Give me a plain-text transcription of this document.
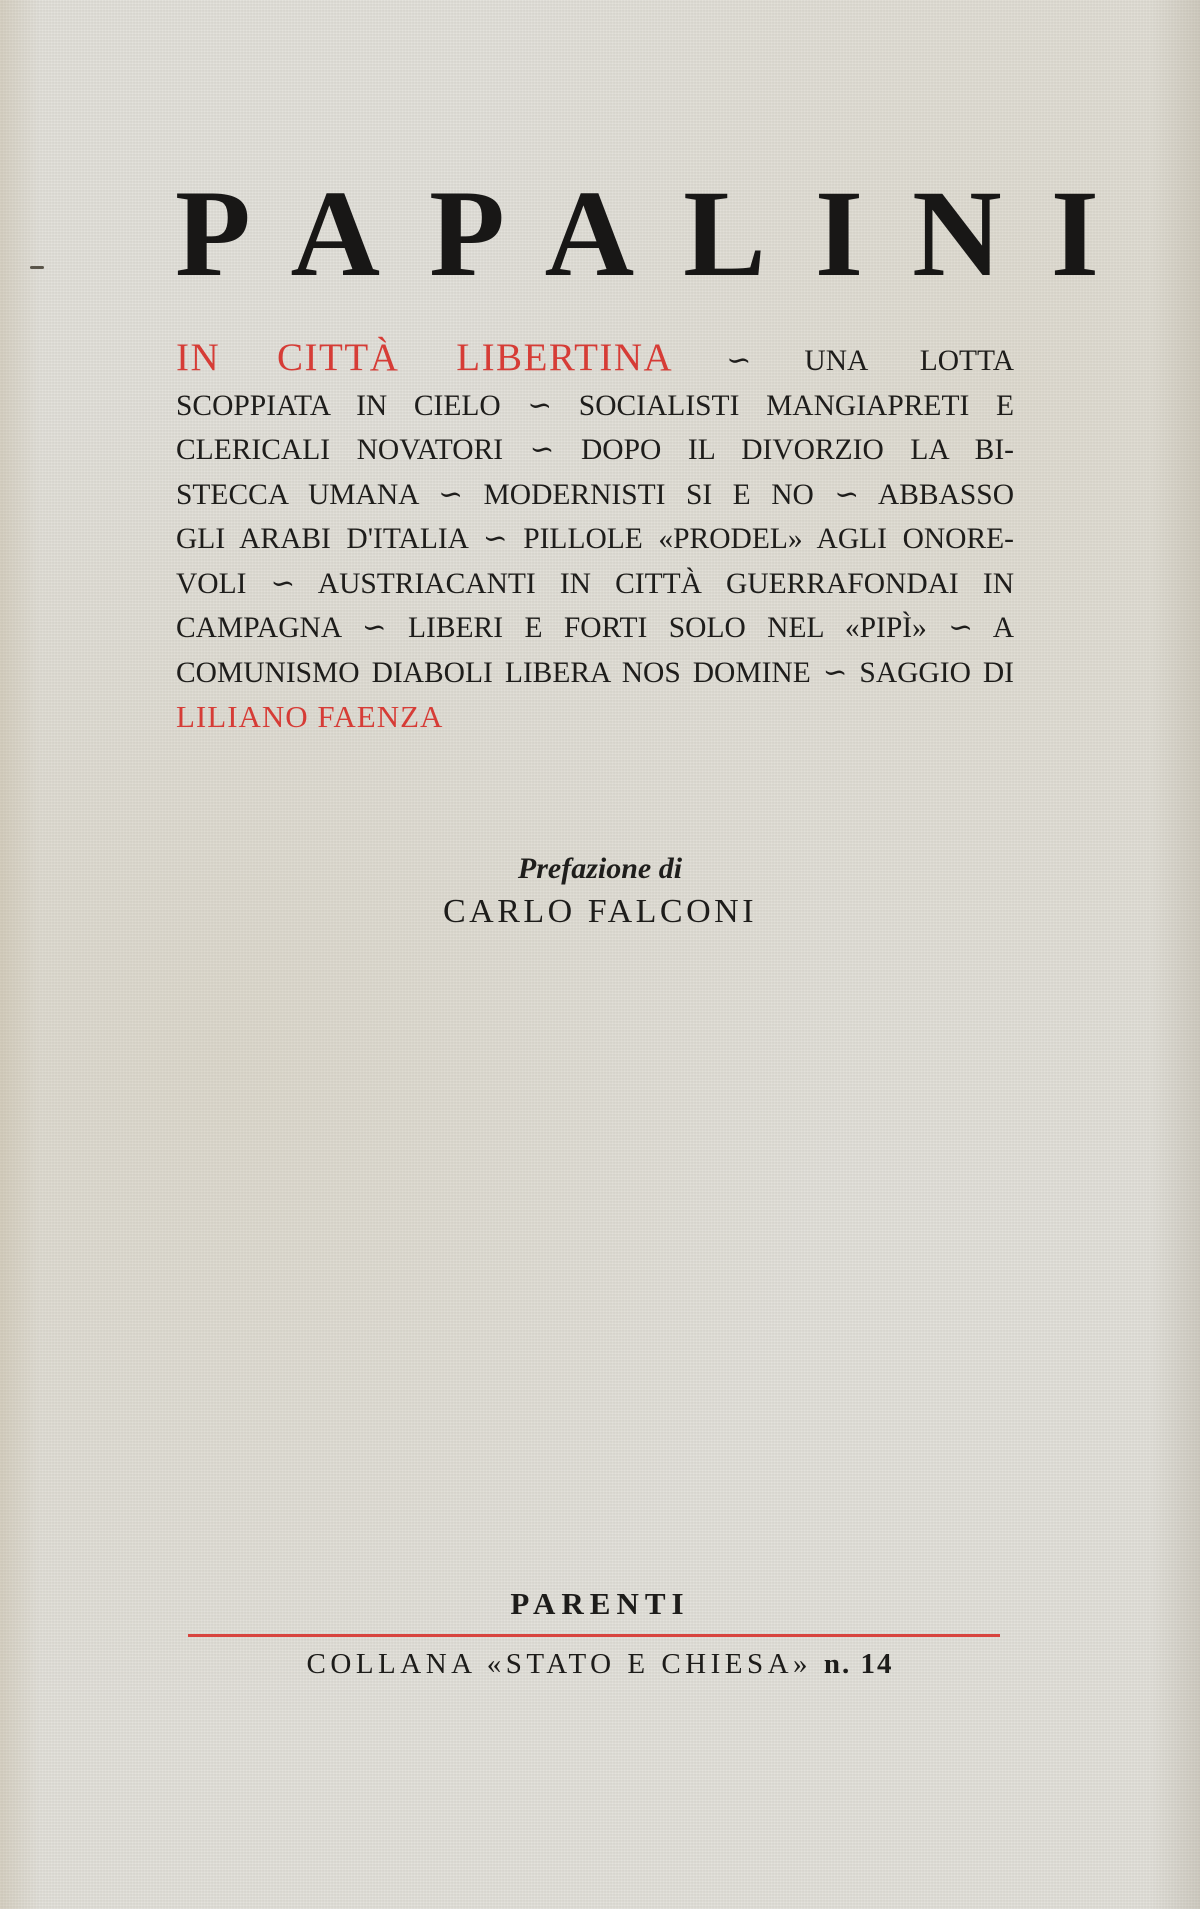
PAPALINI
IN CITTÀ LIBERTINA ∽ UNA LOTTA
SCOPPIATA IN CIELO ∽ SOCIALISTI MANGIAPRETI E
CLERICALI NOVATORI ∽ DOPO IL DIVORZIO LA BI-
STECCA UMANA ∽ MODERNISTI SI E NO ∽ ABBASSO
GLI ARABI D'ITALIA ∽ PILLOLE «PRODEL» AGLI ONORE-
VOLI ∽ AUSTRIACANTI IN CITTÀ GUERRAFONDAI IN
CAMPAGNA ∽ LIBERI E FORTI SOLO NEL «PIPÌ» ∽ A
COMUNISMO DIABOLI LIBERA NOS DOMINE ∽ SAGGIO DI
LILIANO FAENZA

Prefazione di

CARLO FALCONI

PARENTI

COLLANA «STATO E CHIESA» n. 14
